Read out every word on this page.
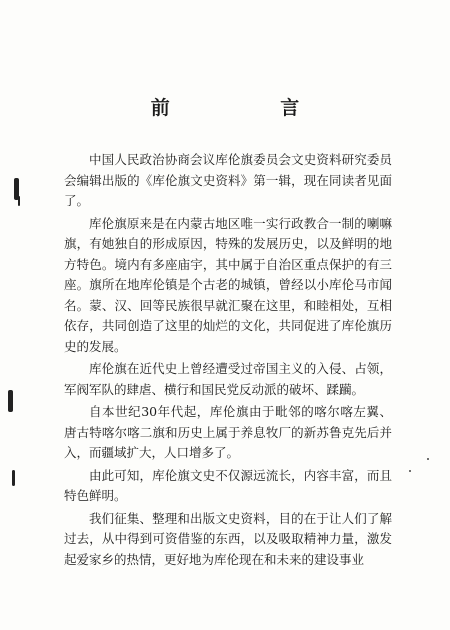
前 言

中国人民政治协商会议库伦旗委员会文史资料研究委员会编辑出版的《库伦旗文史资料》第一辑，现在同读者见面了。

库伦旗原来是在内蒙古地区唯一实行政教合一制的喇嘛旗，有她独自的形成原因，特殊的发展历史，以及鲜明的地方特色。境内有多座庙宇，其中属于自治区重点保护的有三座。旗所在地库伦镇是个古老的城镇，曾经以小库伦马市闻名。蒙、汉、回等民族很早就汇聚在这里，和睦相处，互相依存，共同创造了这里的灿烂的文化，共同促进了库伦旗历史的发展。

库伦旗在近代史上曾经遭受过帝国主义的入侵、占领，军阀军队的肆虐、横行和国民党反动派的破坏、蹂躏。

自本世纪30年代起，库伦旗由于毗邻的喀尔喀左翼、唐古特喀尔喀二旗和历史上属于养息牧厂的新苏鲁克先后并入，而疆域扩大，人口增多了。

由此可知，库伦旗文史不仅源远流长，内容丰富，而且特色鲜明。

我们征集、整理和出版文史资料，目的在于让人们了解过去，从中得到可资借鉴的东西，以及吸取精神力量，激发起爱家乡的热情，更好地为库伦现在和未来的建设事业
